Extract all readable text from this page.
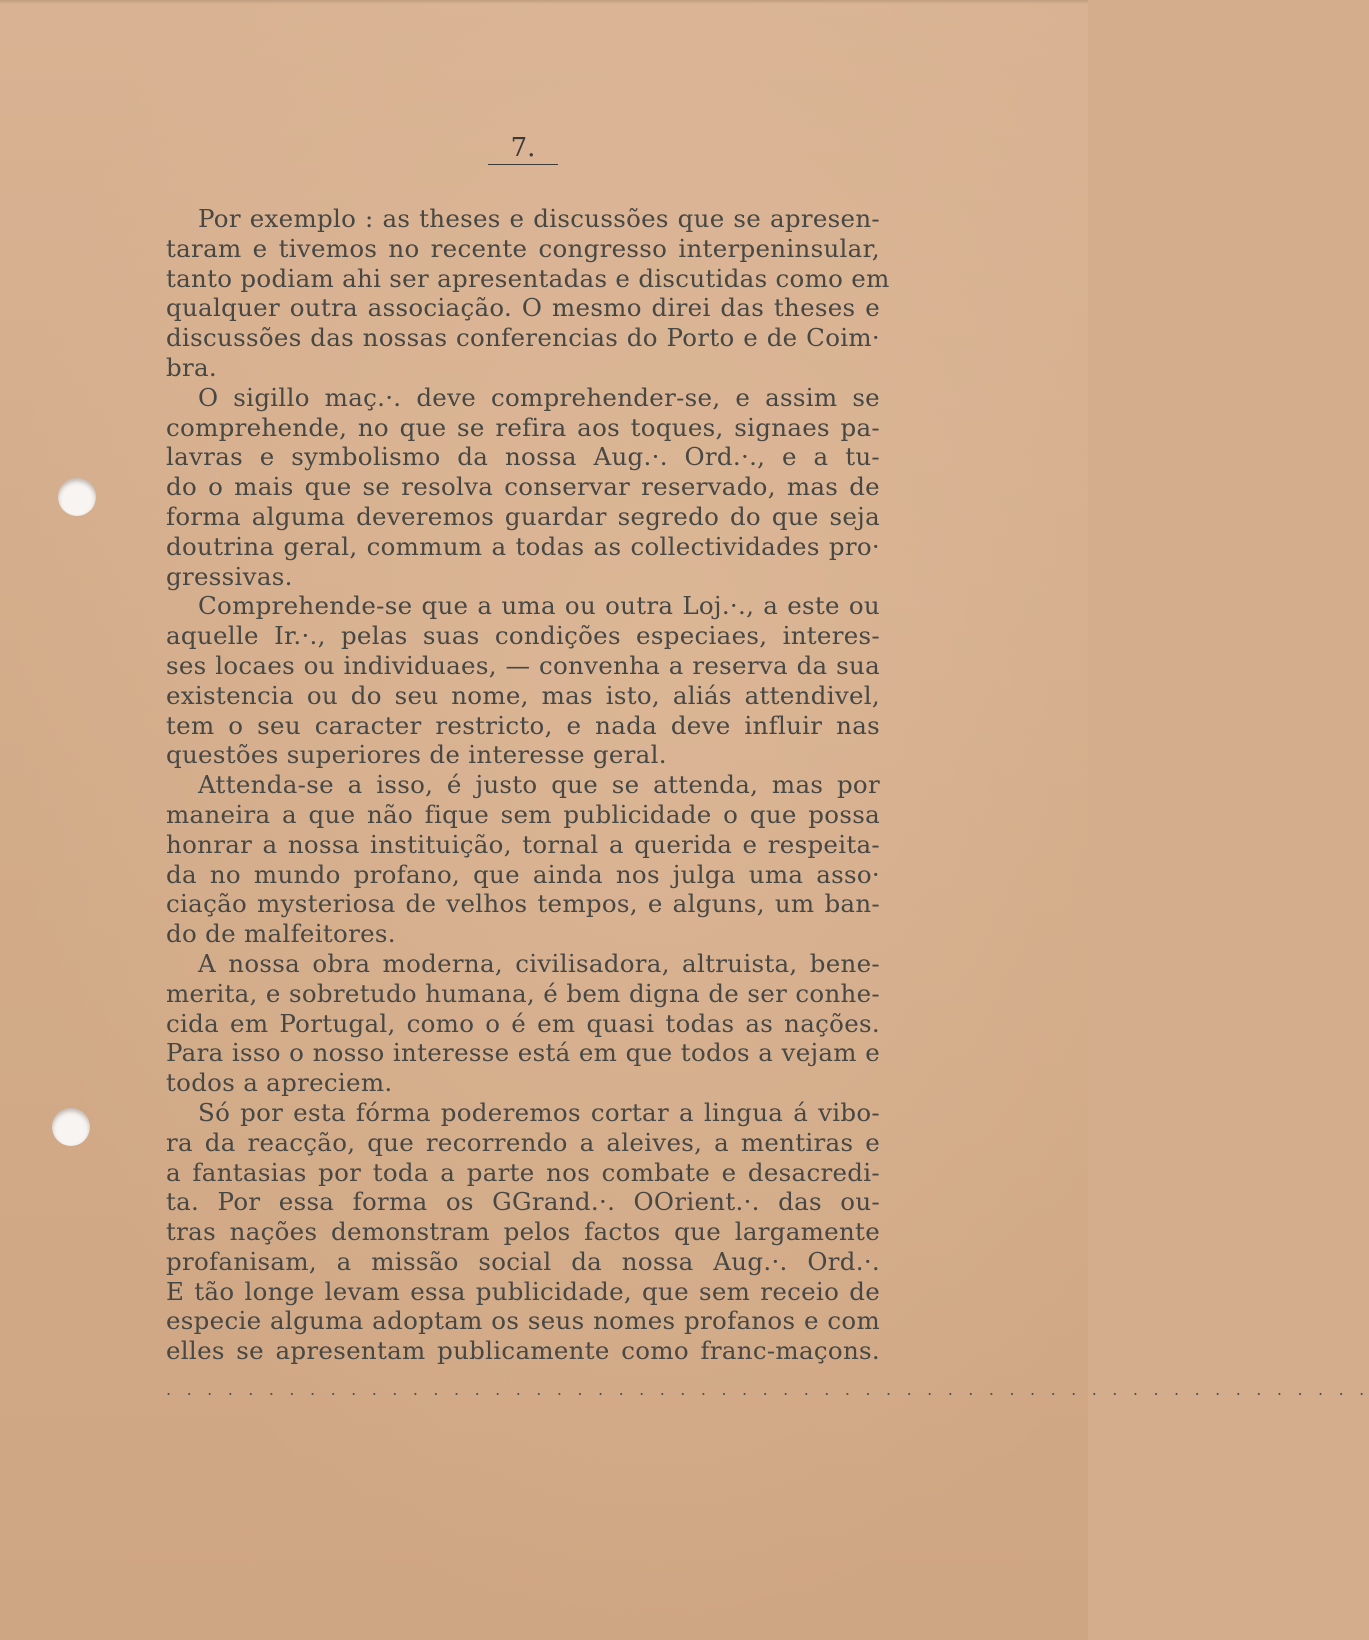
7.
Por exemplo : as theses e discussões que se apresen-
taram e tivemos no recente congresso interpeninsular,
tanto podiam ahi ser apresentadas e discutidas como em
qualquer outra associação. O mesmo direi das theses e
discussões das nossas conferencias do Porto e de Coim·
bra.
O sigillo maç.·. deve comprehender-se, e assim se
comprehende, no que se refira aos toques, signaes pa-
lavras e symbolismo da nossa Aug.·. Ord.·., e a tu-
do o mais que se resolva conservar reservado, mas de
forma alguma deveremos guardar segredo do que seja
doutrina geral, commum a todas as collectividades pro·
gressivas.
Comprehende-se que a uma ou outra Loj.·., a este ou
aquelle Ir.·., pelas suas condições especiaes, interes-
ses locaes ou individuaes, — convenha a reserva da sua
existencia ou do seu nome, mas isto, aliás attendivel,
tem o seu caracter restricto, e nada deve influir nas
questões superiores de interesse geral.
Attenda-se a isso, é justo que se attenda, mas por
maneira a que não fique sem publicidade o que possa
honrar a nossa instituição, tornal a querida e respeita-
da no mundo profano, que ainda nos julga uma asso·
ciação mysteriosa de velhos tempos, e alguns, um ban-
do de malfeitores.
A nossa obra moderna, civilisadora, altruista, bene-
merita, e sobretudo humana, é bem digna de ser conhe-
cida em Portugal, como o é em quasi todas as nações.
Para isso o nosso interesse está em que todos a vejam e
todos a apreciem.
Só por esta fórma poderemos cortar a lingua á vibo-
ra da reacção, que recorrendo a aleives, a mentiras e
a fantasias por toda a parte nos combate e desacredi-
ta. Por essa forma os GGrand.·. OOrient.·. das ou-
tras nações demonstram pelos factos que largamente
profanisam, a missão social da nossa Aug.·. Ord.·.
E tão longe levam essa publicidade, que sem receio de
especie alguma adoptam os seus nomes profanos e com
elles se apresentam publicamente como franc-maçons.
. . . . . . . . . . . . . . . . . . . . . . . . . . . . . . . . . . . . . . . . . . . . . . . . . . . . . . . . . . .
